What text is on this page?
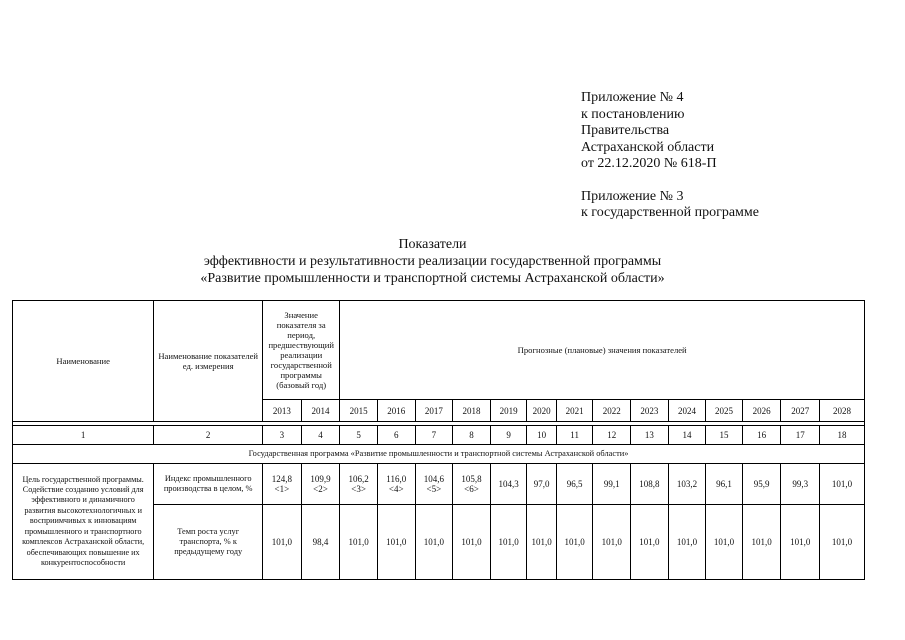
Приложение № 4
к постановлению
Правительства
Астраханской области
от 22.12.2020 № 618-П
Приложение № 3
к государственной программе
Показатели
эффективности и результативности реализации государственной программы
«Развитие промышленности и транспортной системы Астраханской области»
Наименование	Наименование показателей ед. измерения	Значение показателя за период, предшествующий реализации государственной программы (базовый год)		Прогнозные (плановые) значения показателей													
		2013	2014	2015	2016	2017	2018	2019	2020	2021	2022	2023	2024	2025	2026	2027	2028

1	2	3	4	5	6	7	8	9	10	11	12	13	14	15	16	17	18
Государственная программа «Развитие промышленности и транспортной системы Астраханской области»																	
Цель государственной программы. Содействие созданию условий для эффективного и динамичного развития высокотехнологичных и восприимчивых к инновациям промышленного и транспортного комплексов Астраханской области, обеспечивающих повышение их конкурентоспособности	Индекс промышленного производства в целом, %	124,8 <1>	109,9 <2>	106,2 <3>	116,0 <4>	104,6 <5>	105,8 <6>	104,3	97,0	96,5	99,1	108,8	103,2	96,1	95,9	99,3	101,0
	Темп роста услуг транспорта, % к предыдущему году	101,0	98,4	101,0	101,0	101,0	101,0	101,0	101,0	101,0	101,0	101,0	101,0	101,0	101,0	101,0	101,0
